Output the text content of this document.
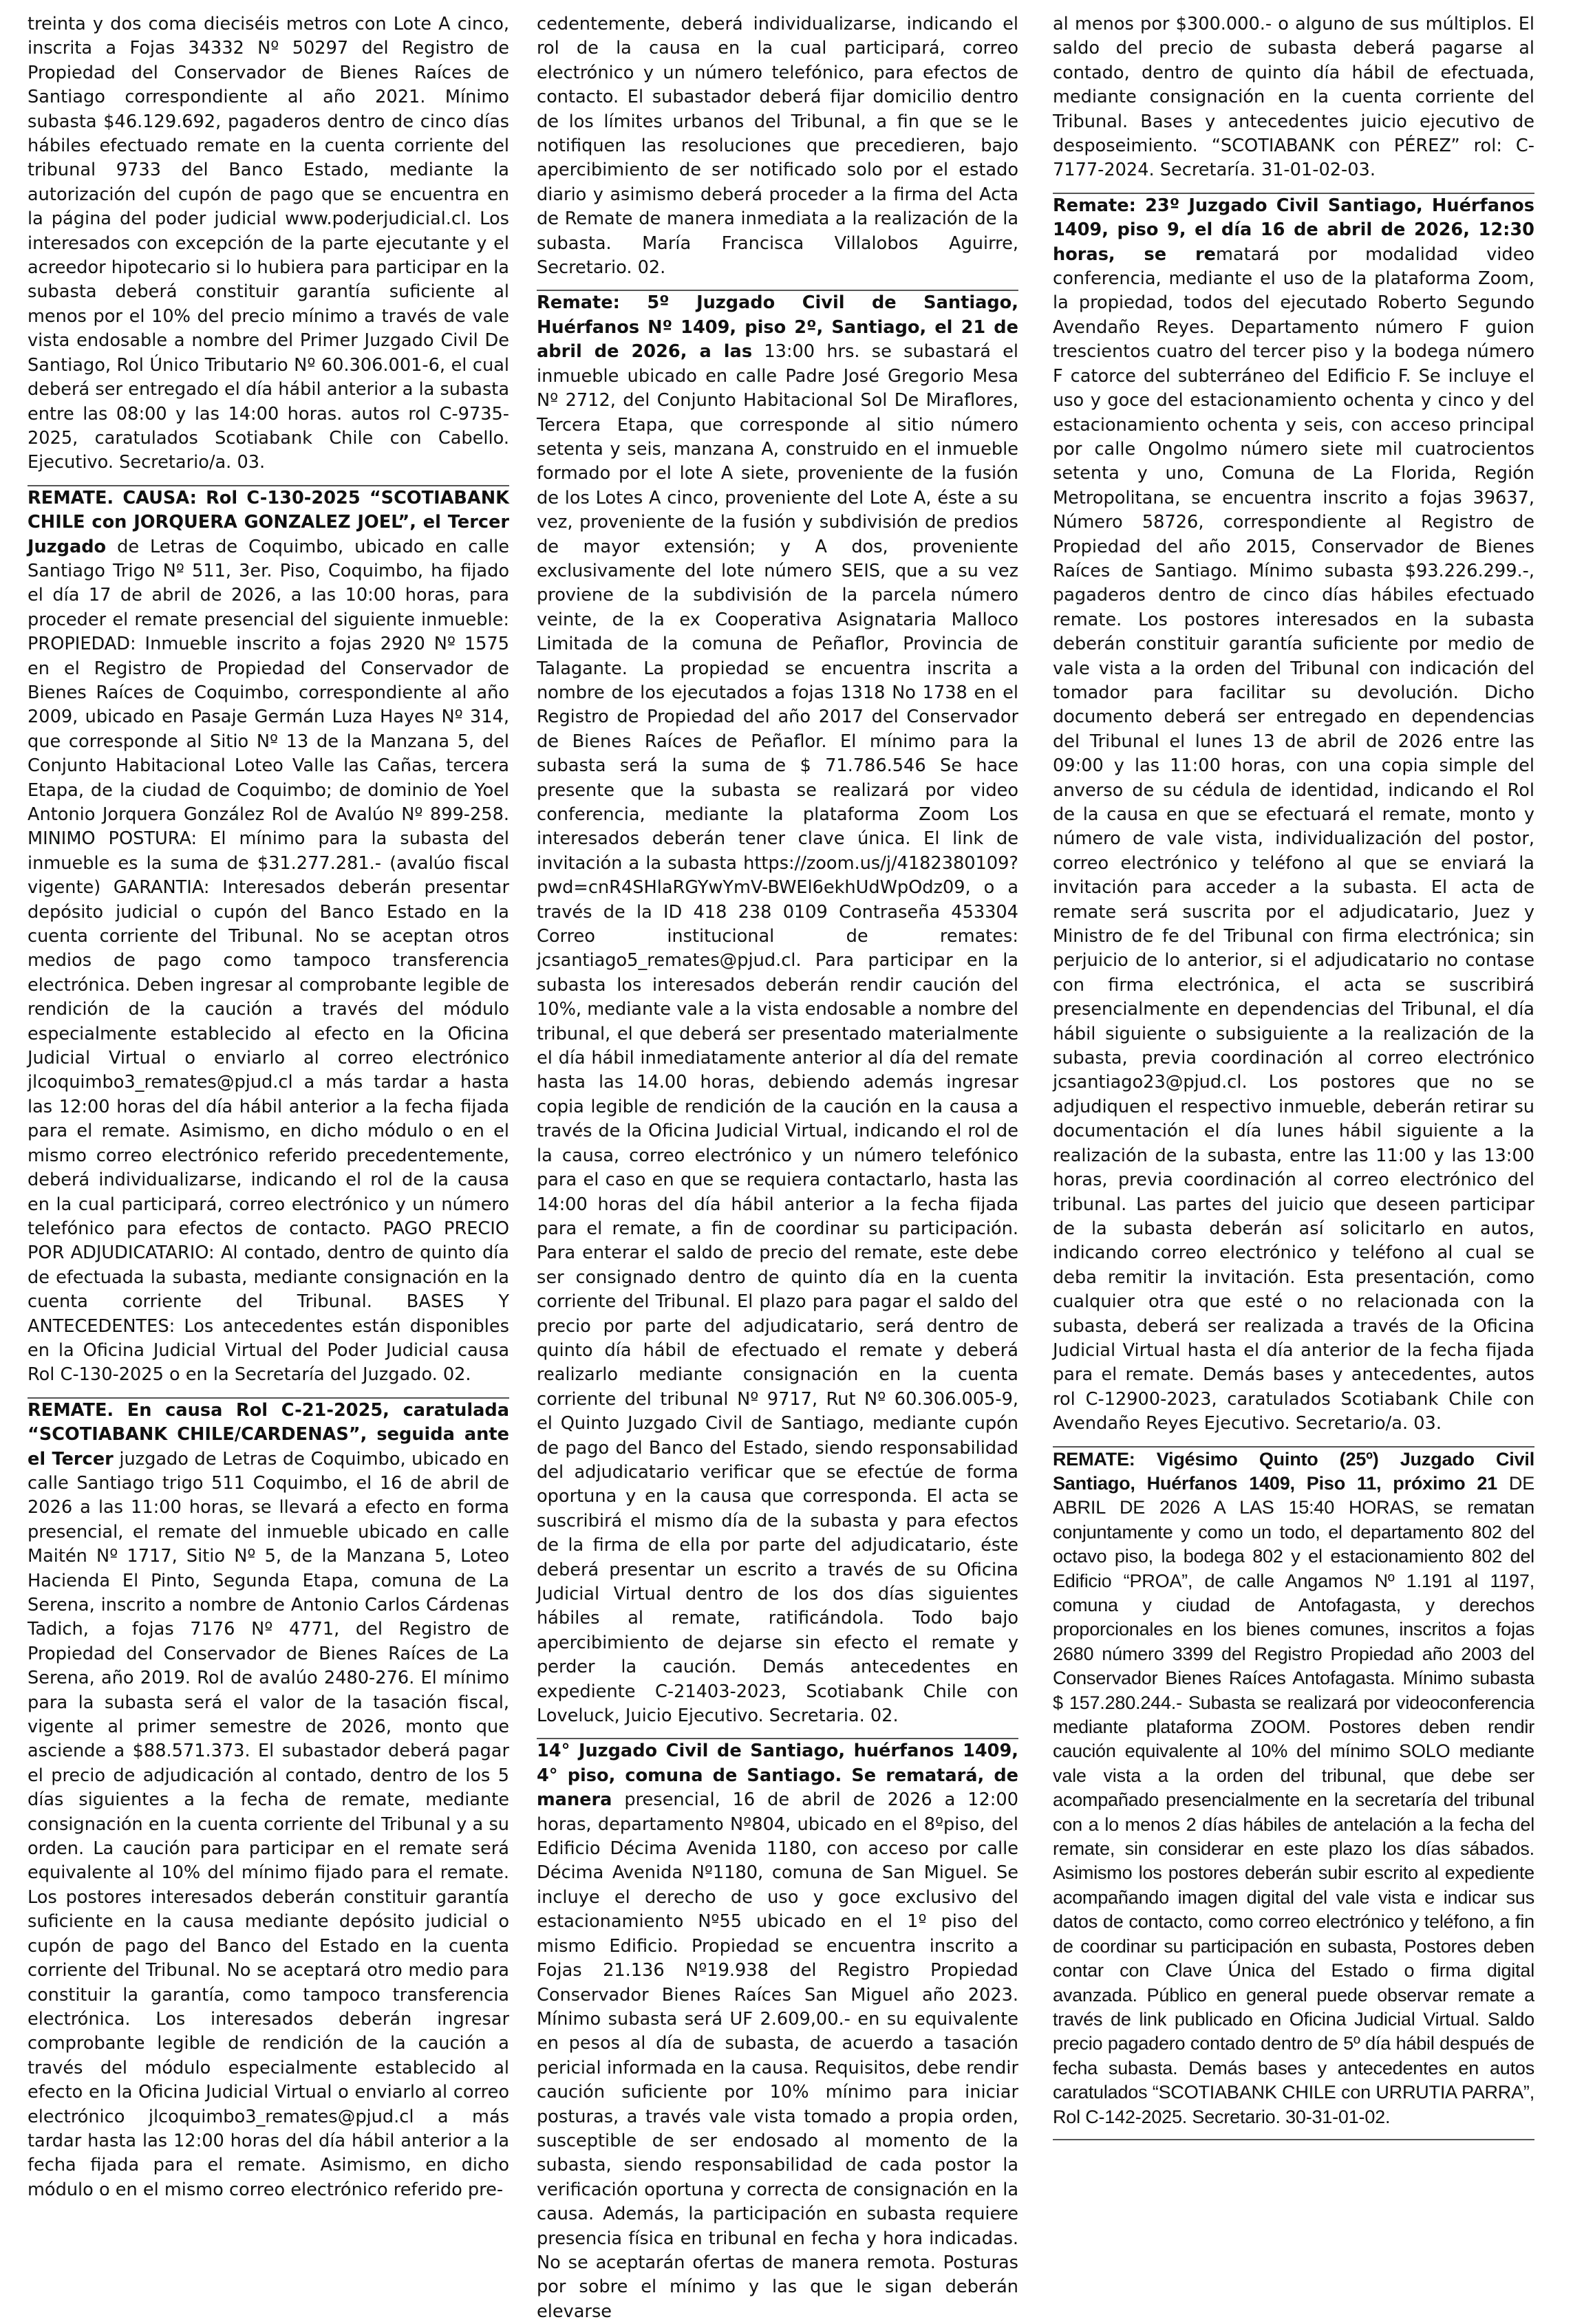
treinta y dos coma dieciséis metros con Lote A cinco, inscrita a Fojas 34332 Nº 50297 del Registro de Propiedad del Conservador de Bienes Raíces de Santiago correspondiente al año 2021. Mínimo subasta $46.129.692, pagaderos dentro de cinco días hábiles efectuado remate en la cuenta corriente del tribunal 9733 del Banco Estado, mediante la autorización del cupón de pago que se encuentra en la página del poder judicial www.poderjudicial.cl. Los interesados con excepción de la parte ejecutante y el acreedor hipotecario si lo hubiera para participar en la subasta deberá constituir garantía suficiente al menos por el 10% del precio mínimo a través de vale vista endosable a nombre del Primer Juzgado Civil De Santiago, Rol Único Tributario Nº 60.306.001-6, el cual deberá ser entregado el día hábil anterior a la subasta entre las 08:00 y las 14:00 horas. autos rol C-9735-2025, caratulados Scotiabank Chile con Cabello. Ejecutivo. Secretario/a. 03.

REMATE. CAUSA: Rol C-130-2025 “SCOTIABANK CHILE con JORQUERA GONZALEZ JOEL”, el Tercer Juzgado de Letras de Coquimbo, ubicado en calle Santiago Trigo Nº 511, 3er. Piso, Coquimbo, ha fijado el día 17 de abril de 2026, a las 10:00 horas, para proceder el remate presencial del siguiente inmueble: PROPIEDAD: Inmueble inscrito a fojas 2920 Nº 1575 en el Registro de Propiedad del Conservador de Bienes Raíces de Coquimbo, correspondiente al año 2009, ubicado en Pasaje Germán Luza Hayes Nº 314, que corresponde al Sitio Nº 13 de la Manzana 5, del Conjunto Habitacional Loteo Valle las Cañas, tercera Etapa, de la ciudad de Coquimbo; de dominio de Yoel Antonio Jorquera González Rol de Avalúo Nº 899-258. MINIMO POSTURA: El mínimo para la subasta del inmueble es la suma de $31.277.281.- (avalúo fiscal vigente) GARANTIA: Interesados deberán presentar depósito judicial o cupón del Banco Estado en la cuenta corriente del Tribunal. No se aceptan otros medios de pago como tampoco transferencia electrónica. Deben ingresar al comprobante legible de rendición de la caución a través del módulo especialmente establecido al efecto en la Oficina Judicial Virtual o enviarlo al correo electrónico jlcoquimbo3_remates@pjud.cl a más tardar a hasta las 12:00 horas del día hábil anterior a la fecha fijada para el remate. Asimismo, en dicho módulo o en el mismo correo electrónico referido precedentemente, deberá individualizarse, indicando el rol de la causa en la cual participará, correo electrónico y un número telefónico para efectos de contacto. PAGO PRECIO POR ADJUDICATARIO: Al contado, dentro de quinto día de efectuada la subasta, mediante consignación en la cuenta corriente del Tribunal. BASES Y ANTECEDENTES: Los antecedentes están disponibles en la Oficina Judicial Virtual del Poder Judicial causa Rol C-130-2025 o en la Secretaría del Juzgado. 02.

REMATE. En causa Rol C-21-2025, caratulada “SCOTIABANK CHILE/CARDENAS”, seguida ante el Tercer juzgado de Letras de Coquimbo, ubicado en calle Santiago trigo 511 Coquimbo, el 16 de abril de 2026 a las 11:00 horas, se llevará a efecto en forma presencial, el remate del inmueble ubicado en calle Maitén Nº 1717, Sitio Nº 5, de la Manzana 5, Loteo Hacienda El Pinto, Segunda Etapa, comuna de La Serena, inscrito a nombre de Antonio Carlos Cárdenas Tadich, a fojas 7176 Nº 4771, del Registro de Propiedad del Conservador de Bienes Raíces de La Serena, año 2019. Rol de avalúo 2480-276. El mínimo para la subasta será el valor de la tasación fiscal, vigente al primer semestre de 2026, monto que asciende a $88.571.373. El subastador deberá pagar el precio de adjudicación al contado, dentro de los 5 días siguientes a la fecha de remate, mediante consignación en la cuenta corriente del Tribunal y a su orden. La caución para participar en el remate será equivalente al 10% del mínimo fijado para el remate. Los postores interesados deberán constituir garantía suficiente en la causa mediante depósito judicial o cupón de pago del Banco del Estado en la cuenta corriente del Tribunal. No se aceptará otro medio para constituir la garantía, como tampoco transferencia electrónica. Los interesados deberán ingresar comprobante legible de rendición de la caución a través del módulo especialmente establecido al efecto en la Oficina Judicial Virtual o enviarlo al correo electrónico jlcoquimbo3_remates@pjud.cl a más tardar hasta las 12:00 horas del día hábil anterior a la fecha fijada para el remate. Asimismo, en dicho módulo o en el mismo correo electrónico referido pre-

cedentemente, deberá individualizarse, indicando el rol de la causa en la cual participará, correo electrónico y un número telefónico, para efectos de contacto. El subastador deberá fijar domicilio dentro de los límites urbanos del Tribunal, a fin que se le notifiquen las resoluciones que precedieren, bajo apercibimiento de ser notificado solo por el estado diario y asimismo deberá proceder a la firma del Acta de Remate de manera inmediata a la realización de la subasta. María Francisca Villalobos Aguirre, Secretario. 02.

Remate: 5º Juzgado Civil de Santiago, Huérfanos Nº 1409, piso 2º, Santiago, el 21 de abril de 2026, a las 13:00 hrs. se subastará el inmueble ubicado en calle Padre José Gregorio Mesa Nº 2712, del Conjunto Habitacional Sol De Miraflores, Tercera Etapa, que corresponde al sitio número setenta y seis, manzana A, construido en el inmueble formado por el lote A siete, proveniente de la fusión de los Lotes A cinco, proveniente del Lote A, éste a su vez, proveniente de la fusión y subdivisión de predios de mayor extensión; y A dos, proveniente exclusivamente del lote número SEIS, que a su vez proviene de la subdivisión de la parcela número veinte, de la ex Cooperativa Asignataria Malloco Limitada de la comuna de Peñaflor, Provincia de Talagante. La propiedad se encuentra inscrita a nombre de los ejecutados a fojas 1318 No 1738 en el Registro de Propiedad del año 2017 del Conservador de Bienes Raíces de Peñaflor. El mínimo para la subasta será la suma de $ 71.786.546 Se hace presente que la subasta se realizará por video conferencia, mediante la plataforma Zoom Los interesados deberán tener clave única. El link de invitación a la subasta https://zoom.us/j/4182380109?pwd=cnR4SHlaRGYwYmV-BWEl6ekhUdWpOdz09, o a través de la ID 418 238 0109 Contraseña 453304 Correo institucional de remates: jcsantiago5_remates@pjud.cl. Para participar en la subasta los interesados deberán rendir caución del 10%, mediante vale a la vista endosable a nombre del tribunal, el que deberá ser presentado materialmente el día hábil inmediatamente anterior al día del remate hasta las 14.00 horas, debiendo además ingresar copia legible de rendición de la caución en la causa a través de la Oficina Judicial Virtual, indicando el rol de la causa, correo electrónico y un número telefónico para el caso en que se requiera contactarlo, hasta las 14:00 horas del día hábil anterior a la fecha fijada para el remate, a fin de coordinar su participación. Para enterar el saldo de precio del remate, este debe ser consignado dentro de quinto día en la cuenta corriente del Tribunal. El plazo para pagar el saldo del precio por parte del adjudicatario, será dentro de quinto día hábil de efectuado el remate y deberá realizarlo mediante consignación en la cuenta corriente del tribunal Nº 9717, Rut Nº 60.306.005-9, el Quinto Juzgado Civil de Santiago, mediante cupón de pago del Banco del Estado, siendo responsabilidad del adjudicatario verificar que se efectúe de forma oportuna y en la causa que corresponda. El acta se suscribirá el mismo día de la subasta y para efectos de la firma de ella por parte del adjudicatario, éste deberá presentar un escrito a través de su Oficina Judicial Virtual dentro de los dos días siguientes hábiles al remate, ratificándola. Todo bajo apercibimiento de dejarse sin efecto el remate y perder la caución. Demás antecedentes en expediente C-21403-2023, Scotiabank Chile con Loveluck, Juicio Ejecutivo. Secretaria. 02.

14° Juzgado Civil de Santiago, huérfanos 1409, 4° piso, comuna de Santiago. Se rematará, de manera presencial, 16 de abril de 2026 a 12:00 horas, departamento Nº804, ubicado en el 8ºpiso, del Edificio Décima Avenida 1180, con acceso por calle Décima Avenida Nº1180, comuna de San Miguel. Se incluye el derecho de uso y goce exclusivo del estacionamiento Nº55 ubicado en el 1º piso del mismo Edificio. Propiedad se encuentra inscrito a Fojas 21.136 Nº19.938 del Registro Propiedad Conservador Bienes Raíces San Miguel año 2023. Mínimo subasta será UF 2.609,00.- en su equivalente en pesos al día de subasta, de acuerdo a tasación pericial informada en la causa. Requisitos, debe rendir caución suficiente por 10% mínimo para iniciar posturas, a través vale vista tomado a propia orden, susceptible de ser endosado al momento de la subasta, siendo responsabilidad de cada postor la verificación oportuna y correcta de consignación en la causa. Además, la participación en subasta requiere presencia física en tribunal en fecha y hora indicadas. No se aceptarán ofertas de manera remota. Posturas por sobre el mínimo y las que le sigan deberán elevarse

al menos por $300.000.- o alguno de sus múltiplos. El saldo del precio de subasta deberá pagarse al contado, dentro de quinto día hábil de efectuada, mediante consignación en la cuenta corriente del Tribunal. Bases y antecedentes juicio ejecutivo de desposeimiento. “SCOTIABANK con PÉREZ” rol: C-7177-2024. Secretaría. 31-01-02-03.

Remate: 23º Juzgado Civil Santiago, Huérfanos 1409, piso 9, el día 16 de abril de 2026, 12:30 horas, se rematará por modalidad video conferencia, mediante el uso de la plataforma Zoom, la propiedad, todos del ejecutado Roberto Segundo Avendaño Reyes. Departamento número F guion trescientos cuatro del tercer piso y la bodega número F catorce del subterráneo del Edificio F. Se incluye el uso y goce del estacionamiento ochenta y cinco y del estacionamiento ochenta y seis, con acceso principal por calle Ongolmo número siete mil cuatrocientos setenta y uno, Comuna de La Florida, Región Metropolitana, se encuentra inscrito a fojas 39637, Número 58726, correspondiente al Registro de Propiedad del año 2015, Conservador de Bienes Raíces de Santiago. Mínimo subasta $93.226.299.-, pagaderos dentro de cinco días hábiles efectuado remate. Los postores interesados en la subasta deberán constituir garantía suficiente por medio de vale vista a la orden del Tribunal con indicación del tomador para facilitar su devolución. Dicho documento deberá ser entregado en dependencias del Tribunal el lunes 13 de abril de 2026 entre las 09:00 y las 11:00 horas, con una copia simple del anverso de su cédula de identidad, indicando el Rol de la causa en que se efectuará el remate, monto y número de vale vista, individualización del postor, correo electrónico y teléfono al que se enviará la invitación para acceder a la subasta. El acta de remate será suscrita por el adjudicatario, Juez y Ministro de fe del Tribunal con firma electrónica; sin perjuicio de lo anterior, si el adjudicatario no contase con firma electrónica, el acta se suscribirá presencialmente en dependencias del Tribunal, el día hábil siguiente o subsiguiente a la realización de la subasta, previa coordinación al correo electrónico jcsantiago23@pjud.cl. Los postores que no se adjudiquen el respectivo inmueble, deberán retirar su documentación el día lunes hábil siguiente a la realización de la subasta, entre las 11:00 y las 13:00 horas, previa coordinación al correo electrónico del tribunal. Las partes del juicio que deseen participar de la subasta deberán así solicitarlo en autos, indicando correo electrónico y teléfono al cual se deba remitir la invitación. Esta presentación, como cualquier otra que esté o no relacionada con la subasta, deberá ser realizada a través de la Oficina Judicial Virtual hasta el día anterior de la fecha fijada para el remate. Demás bases y antecedentes, autos rol C-12900-2023, caratulados Scotiabank Chile con Avendaño Reyes Ejecutivo. Secretario/a. 03.

REMATE: Vigésimo Quinto (25º) Juzgado Civil Santiago, Huérfanos 1409, Piso 11, próximo 21 DE ABRIL DE 2026 A LAS 15:40 HORAS, se rematan conjuntamente y como un todo, el departamento 802 del octavo piso, la bodega 802 y el estacionamiento 802 del Edificio “PROA”, de calle Angamos Nº 1.191 al 1197, comuna y ciudad de Antofagasta, y derechos proporcionales en los bienes comunes, inscritos a fojas 2680 número 3399 del Registro Propiedad año 2003 del Conservador Bienes Raíces Antofagasta. Mínimo subasta $ 157.280.244.- Subasta se realizará por videoconferencia mediante plataforma ZOOM. Postores deben rendir caución equivalente al 10% del mínimo SOLO mediante vale vista a la orden del tribunal, que debe ser acompañado presencialmente en la secretaría del tribunal con a lo menos 2 días hábiles de antelación a la fecha del remate, sin considerar en este plazo los días sábados. Asimismo los postores deberán subir escrito al expediente acompañando imagen digital del vale vista e indicar sus datos de contacto, como correo electrónico y teléfono, a fin de coordinar su participación en subasta, Postores deben contar con Clave Única del Estado o firma digital avanzada. Público en general puede observar remate a través de link publicado en Oficina Judicial Virtual. Saldo precio pagadero contado dentro de 5º día hábil después de fecha subasta. Demás bases y antecedentes en autos caratulados “SCOTIABANK CHILE con URRUTIA PARRA”, Rol C-142-2025. Secretario. 30-31-01-02.
